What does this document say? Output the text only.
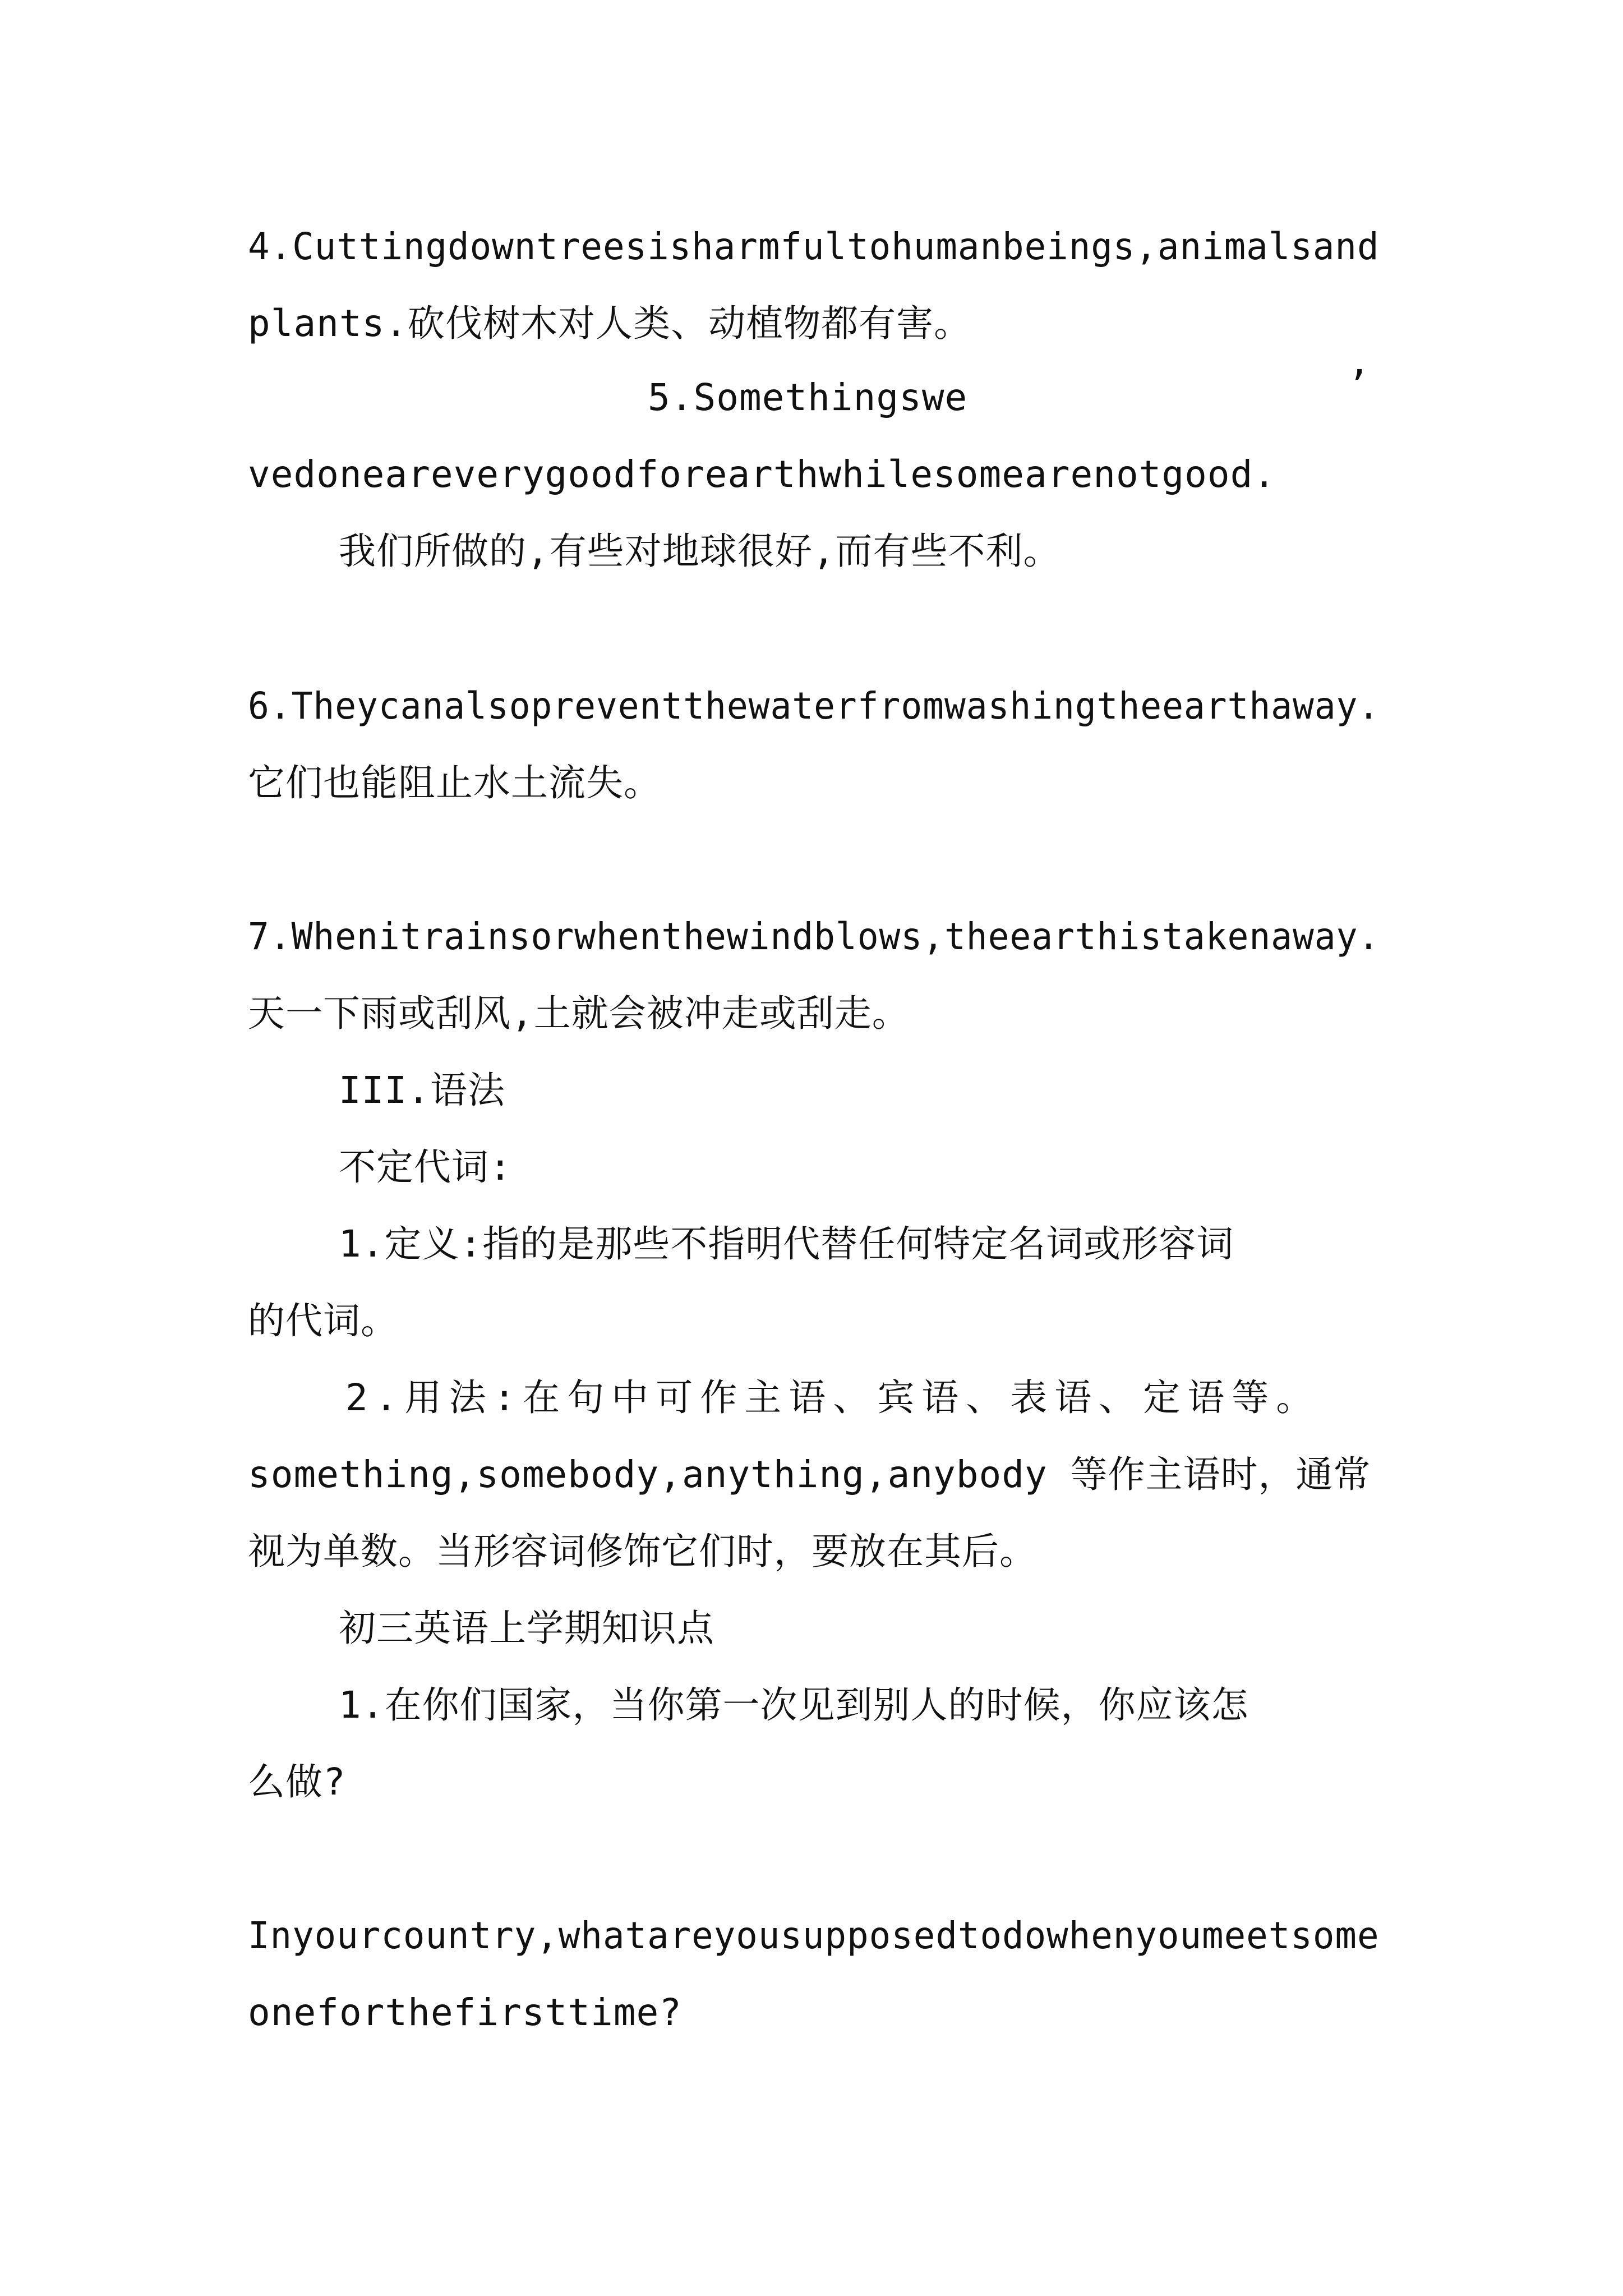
4.Cuttingdowntreesisharmfultohumanbeings,animalsand
plants.砍伐树木对人类、动植物都有害。
5.Somethingswe	’
vedoneareverygoodforearthwhilesomearenotgood.
我们所做的,有些对地球很好,而有些不利。
6.Theycanalsopreventthewaterfromwashingtheearthaway.
它们也能阻止水土流失。
7.Whenitrainsorwhenthewindblows,theearthistakenaway.
天一下雨或刮风,土就会被冲走或刮走。
III.语法
不定代词:
1.定义:指的是那些不指明代替任何特定名词或形容词
的代词。
2.用法:在句中可作主语、宾语、表语、定语等。
something,somebody,anything,anybody 等作主语时，通常
视为单数。当形容词修饰它们时，要放在其后。
初三英语上学期知识点
1.在你们国家，当你第一次见到别人的时候，你应该怎
么做?
Inyourcountry,whatareyousupposedtodowhenyoumeetsome
oneforthefirsttime?
